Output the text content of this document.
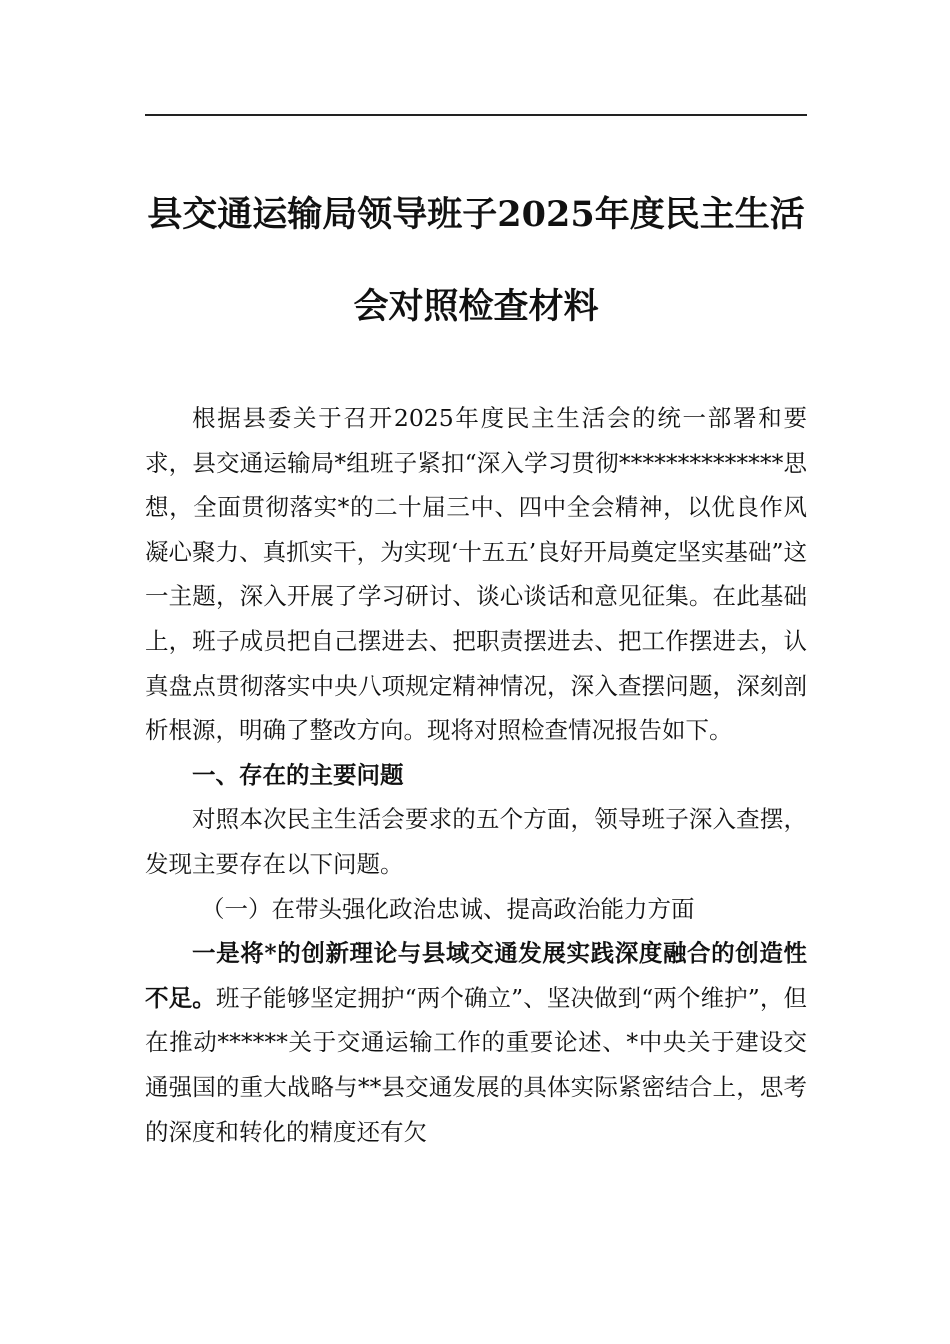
县交通运输局领导班子2025年度民主生活
会对照检查材料

根据县委关于召开2025年度民主生活会的统一部署和要求，县交通运输局*组班子紧扣“深入学习贯彻**************思想，全面贯彻落实*的二十届三中、四中全会精神，以优良作风凝心聚力、真抓实干，为实现‘十五五’良好开局奠定坚实基础”这一主题，深入开展了学习研讨、谈心谈话和意见征集。在此基础上，班子成员把自己摆进去、把职责摆进去、把工作摆进去，认真盘点贯彻落实中央八项规定精神情况，深入查摆问题，深刻剖析根源，明确了整改方向。现将对照检查情况报告如下。

一、存在的主要问题

对照本次民主生活会要求的五个方面，领导班子深入查摆，发现主要存在以下问题。

（一）在带头强化政治忠诚、提高政治能力方面

一是将*的创新理论与县域交通发展实践深度融合的创造性不足。班子能够坚定拥护“两个确立”、坚决做到“两个维护”，但在推动******关于交通运输工作的重要论述、*中央关于建设交通强国的重大战略与**县交通发展的具体实际紧密结合上，思考的深度和转化的精度还有欠
